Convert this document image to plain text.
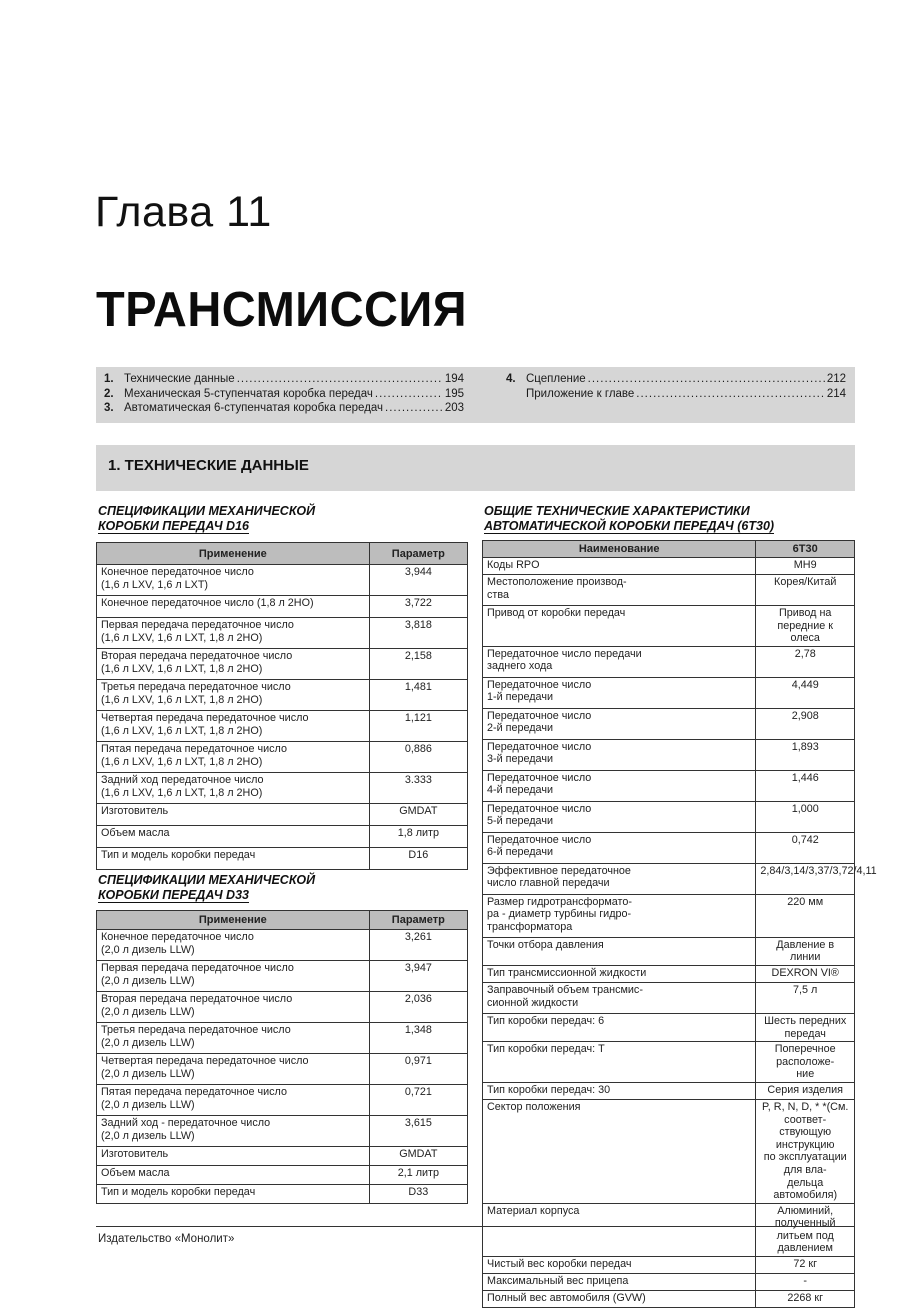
Глава 11
ТРАНСМИССИЯ
1. Технические данные .....	194
2. Механическая 5-ступенчатая коробка передач .....	195
3. Автоматическая 6-ступенчатая коробка передач .....	203
4. Сцепление .....	212
Приложение к главе .....	214
1. ТЕХНИЧЕСКИЕ ДАННЫЕ
СПЕЦИФИКАЦИИ МЕХАНИЧЕСКОЙ
КОРОБКИ ПЕРЕДАЧ D16
Применение	Параметр
Конечное передаточное число
(1,6 л LXV, 1,6 л LXT)	3,944
Конечное передаточное число (1,8 л 2НО)	3,722
Первая передача передаточное число
(1,6 л LXV, 1,6 л LXT, 1,8 л 2НО)	3,818
Вторая передача передаточное число
(1,6 л LXV, 1,6 л LXT, 1,8 л 2НО)	2,158
Третья передача передаточное число
(1,6 л LXV, 1,6 л LXT, 1,8 л 2НО)	1,481
Четвертая передача передаточное число
(1,6 л LXV, 1,6 л LXT, 1,8 л 2НО)	1,121
Пятая передача передаточное число
(1,6 л LXV, 1,6 л LXT, 1,8 л 2НО)	0,886
Задний ход передаточное число
(1,6 л LXV, 1,6 л LXT, 1,8 л 2НО)	3.333
Изготовитель	GMDAT
Объем масла	1,8 литр
Тип и модель коробки передач	D16
СПЕЦИФИКАЦИИ МЕХАНИЧЕСКОЙ
КОРОБКИ ПЕРЕДАЧ D33
Применение	Параметр
Конечное передаточное число
(2,0 л дизель LLW)	3,261
Первая передача передаточное число
(2,0 л дизель LLW)	3,947
Вторая передача передаточное число
(2,0 л дизель LLW)	2,036
Третья передача передаточное число
(2,0 л дизель LLW)	1,348
Четвертая передача передаточное число
(2,0 л дизель LLW)	0,971
Пятая передача передаточное число
(2,0 л дизель LLW)	0,721
Задний ход - передаточное число
(2,0 л дизель LLW)	3,615
Изготовитель	GMDAT
Объем масла	2,1 литр
Тип и модель коробки передач	D33
ОБЩИЕ ТЕХНИЧЕСКИЕ ХАРАКТЕРИСТИКИ
АВТОМАТИЧЕСКОЙ КОРОБКИ ПЕРЕДАЧ (6Т30)
Наименование	6Т30
Коды RPO	MH9
Местоположение производ-
ства	Корея/Китай
Привод от коробки передач	Привод на передние к
олеса
Передаточное число передачи
заднего хода	2,78
Передаточное число
1-й передачи	4,449
Передаточное число
2-й передачи	2,908
Передаточное число
3-й передачи	1,893
Передаточное число
4-й передачи	1,446
Передаточное число
5-й передачи	1,000
Передаточное число
6-й передачи	0,742
Эффективное передаточное
число главной передачи	2,84/3,14/3,37/3,72/4,11
Размер гидротрансформато-
ра - диаметр турбины гидро-
трансформатора	220 мм
Точки отбора давления	Давление в линии
Тип трансмиссионной жидкости	DEXRON VI®
Заправочный объем трансмис-
сионной жидкости	7,5 л
Тип коробки передач: 6	Шесть передних передач
Тип коробки передач: Т	Поперечное расположе-
ние
Тип коробки передач: 30	Серия изделия
Сектор положения	P, R, N, D, * *(См. соответ-
ствующую инструкцию
по эксплуатации для вла-
дельца автомобиля)
Материал корпуса	Алюминий, полученный
литьем под давлением
Чистый вес коробки передач	72 кг
Максимальный вес прицепа	-
Полный вес автомобиля (GVW)	2268 кг
Издательство «Монолит»
